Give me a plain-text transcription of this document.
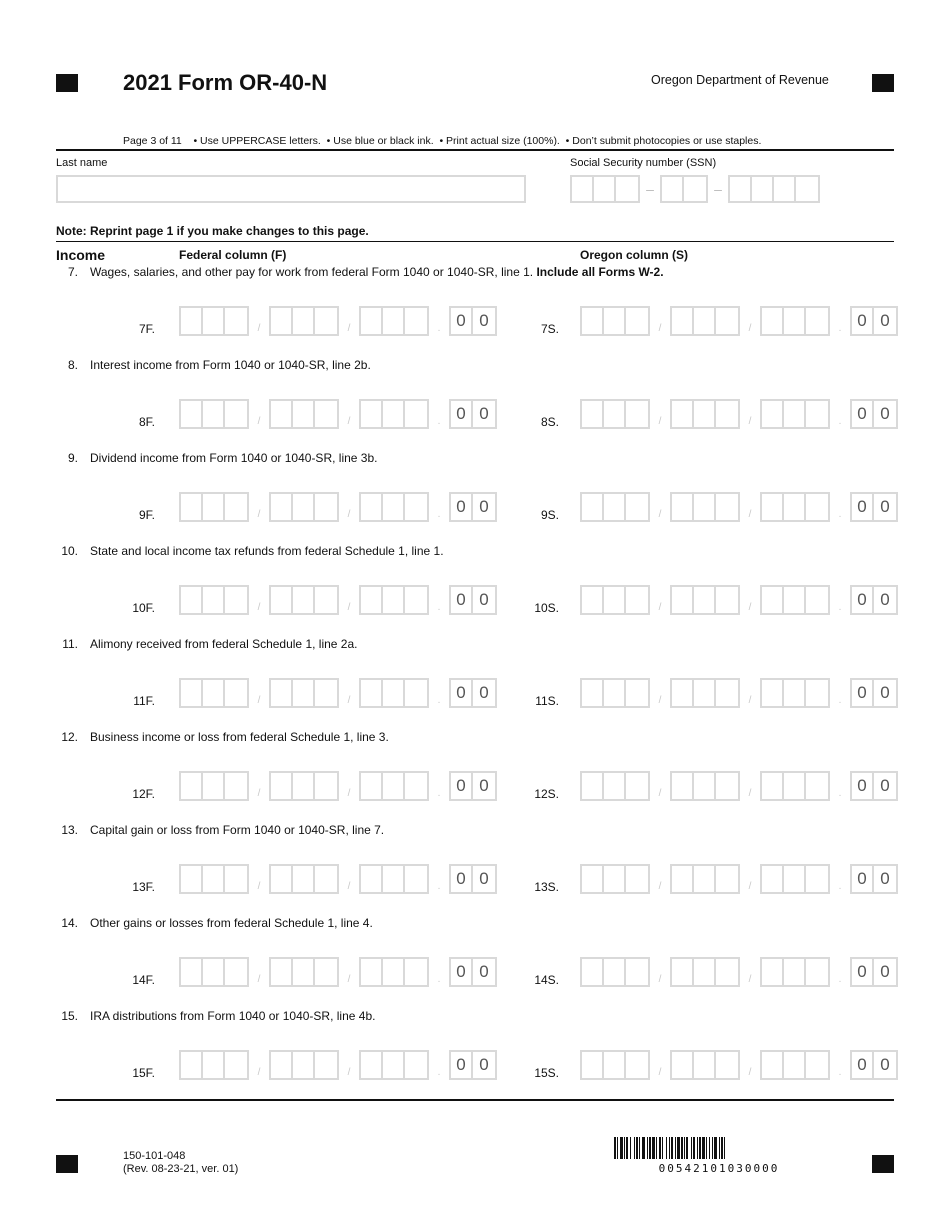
2021 Form OR-40-N	Oregon Department of Revenue
Page 3 of 11    • Use UPPERCASE letters.  • Use blue or black ink.  • Print actual size (100%).  • Don’t submit photocopies or use staples.
Last name	Social Security number (SSN)
–	–
Note: Reprint page 1 if you make changes to this page.
Income	Federal column (F)	Oregon column (S)
7. Wages, salaries, and other pay for work from federal Form 1040 or 1040-SR, line 1. Include all Forms W-2.
7F.	/	/	. 0 0	7S.	/	/	. 0 0
8. Interest income from Form 1040 or 1040-SR, line 2b.
8F.	/	/	. 0 0	8S.	/	/	. 0 0
9. Dividend income from Form 1040 or 1040-SR, line 3b.
9F.	/	/	. 0 0	9S.	/	/	. 0 0
10. State and local income tax refunds from federal Schedule 1, line 1.
10F.	/	/	. 0 0	10S.	/	/	. 0 0
11. Alimony received from federal Schedule 1, line 2a.
11F.	/	/	. 0 0	11S.	/	/	. 0 0
12. Business income or loss from federal Schedule 1, line 3.
12F.	/	/	. 0 0	12S.	/	/	. 0 0
13. Capital gain or loss from Form 1040 or 1040-SR, line 7.
13F.	/	/	. 0 0	13S.	/	/	. 0 0
14. Other gains or losses from federal Schedule 1, line 4.
14F.	/	/	. 0 0	14S.	/	/	. 0 0
15. IRA distributions from Form 1040 or 1040-SR, line 4b.
15F.	/	/	. 0 0	15S.	/	/	. 0 0
150-101-048
(Rev. 08-23-21, ver. 01)	00542101030000
